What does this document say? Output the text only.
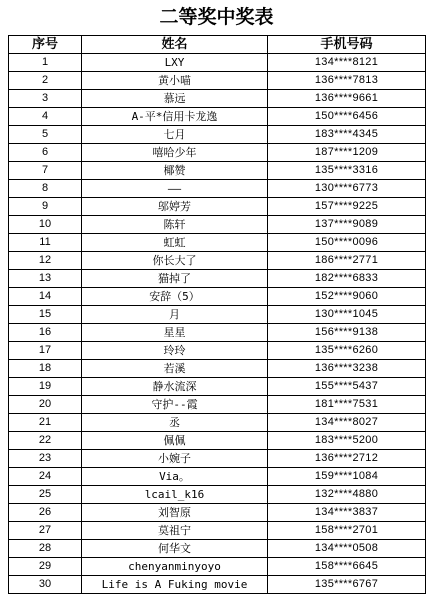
二等奖中奖表
序号	姓名	手机号码
1	LXY	134****8121
2	黄小喵	136****7813
3	慕远	136****9661
4	A-平*信用卡龙逸	150****6456
5	七月	183****4345
6	嘻哈少年	187****1209
7	椰赞	135****3316
8	——	130****6773
9	邬婷芳	157****9225
10	陈轩	137****9089
11	虹虹	150****0096
12	你长大了	186****2771
13	猫掉了	182****6833
14	安辞（5）	152****9060
15	月	130****1045
16	星星	156****9138
17	玲玲	135****6260
18	若溪	136****3238
19	静水流深	155****5437
20	守护--霞	181****7531
21	丞	134****8027
22	佩佩	183****5200
23	小婉子	136****2712
24	Via。	159****1084
25	lcail_k16	132****4880
26	刘智原	134****3837
27	莫祖宁	158****2701
28	何华文	134****0508
29	chenyanminyoyo	158****6645
30	Life is A Fuking movie	135****6767
